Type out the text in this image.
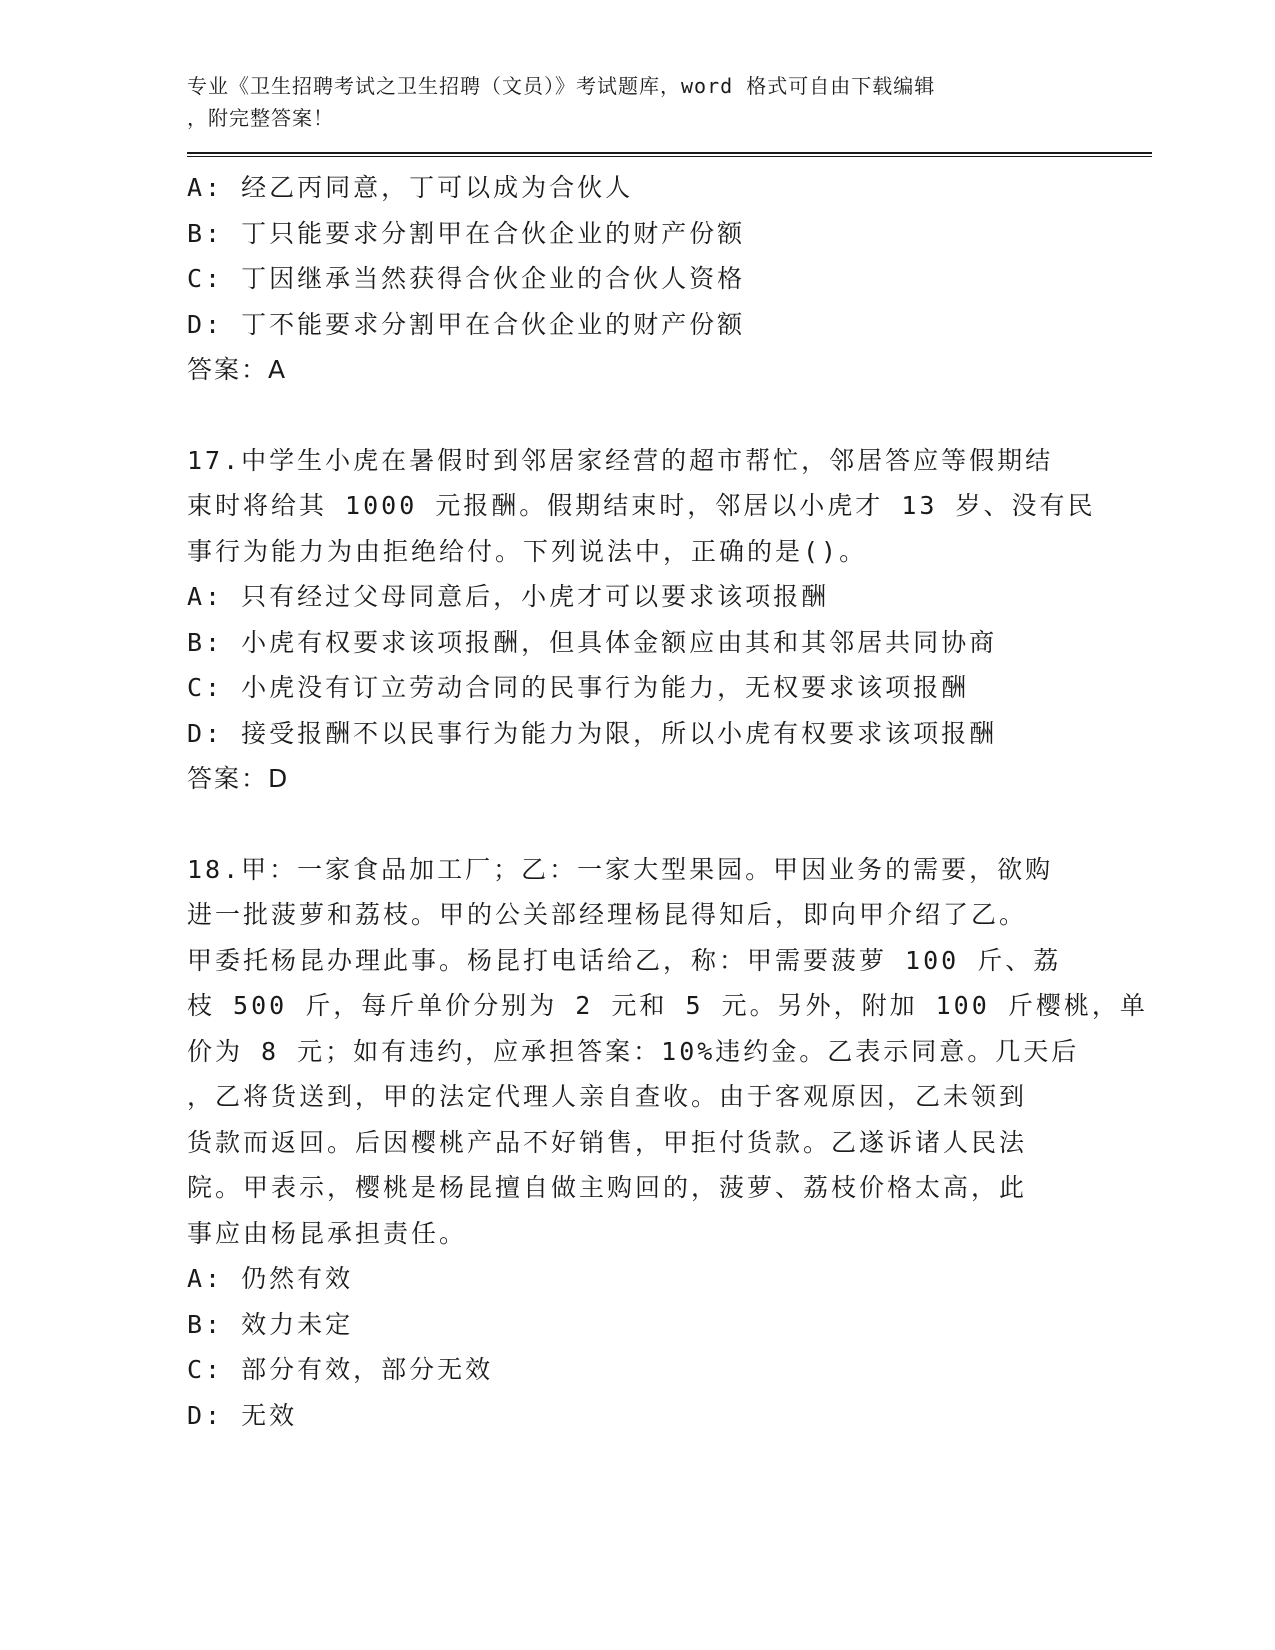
专业《卫生招聘考试之卫生招聘（文员）》考试题库，word 格式可自由下载编辑
，附完整答案！

A: 经乙丙同意，丁可以成为合伙人

B: 丁只能要求分割甲在合伙企业的财产份额

C: 丁因继承当然获得合伙企业的合伙人资格

D: 丁不能要求分割甲在合伙企业的财产份额

答案：A

17.中学生小虎在暑假时到邻居家经营的超市帮忙，邻居答应等假期结

束时将给其 1000 元报酬。假期结束时，邻居以小虎才 13 岁、没有民

事行为能力为由拒绝给付。下列说法中，正确的是()。

A: 只有经过父母同意后，小虎才可以要求该项报酬

B: 小虎有权要求该项报酬，但具体金额应由其和其邻居共同协商

C: 小虎没有订立劳动合同的民事行为能力，无权要求该项报酬

D: 接受报酬不以民事行为能力为限，所以小虎有权要求该项报酬

答案：D

18.甲：一家食品加工厂；乙：一家大型果园。甲因业务的需要，欲购

进一批菠萝和荔枝。甲的公关部经理杨昆得知后，即向甲介绍了乙。

甲委托杨昆办理此事。杨昆打电话给乙，称：甲需要菠萝 100 斤、荔

枝 500 斤，每斤单价分别为 2 元和 5 元。另外，附加 100 斤樱桃，单

价为 8 元；如有违约，应承担答案：10%违约金。乙表示同意。几天后

，乙将货送到，甲的法定代理人亲自查收。由于客观原因，乙未领到

货款而返回。后因樱桃产品不好销售，甲拒付货款。乙遂诉诸人民法

院。甲表示，樱桃是杨昆擅自做主购回的，菠萝、荔枝价格太高，此

事应由杨昆承担责任。

A: 仍然有效

B: 效力未定

C: 部分有效，部分无效

D: 无效
